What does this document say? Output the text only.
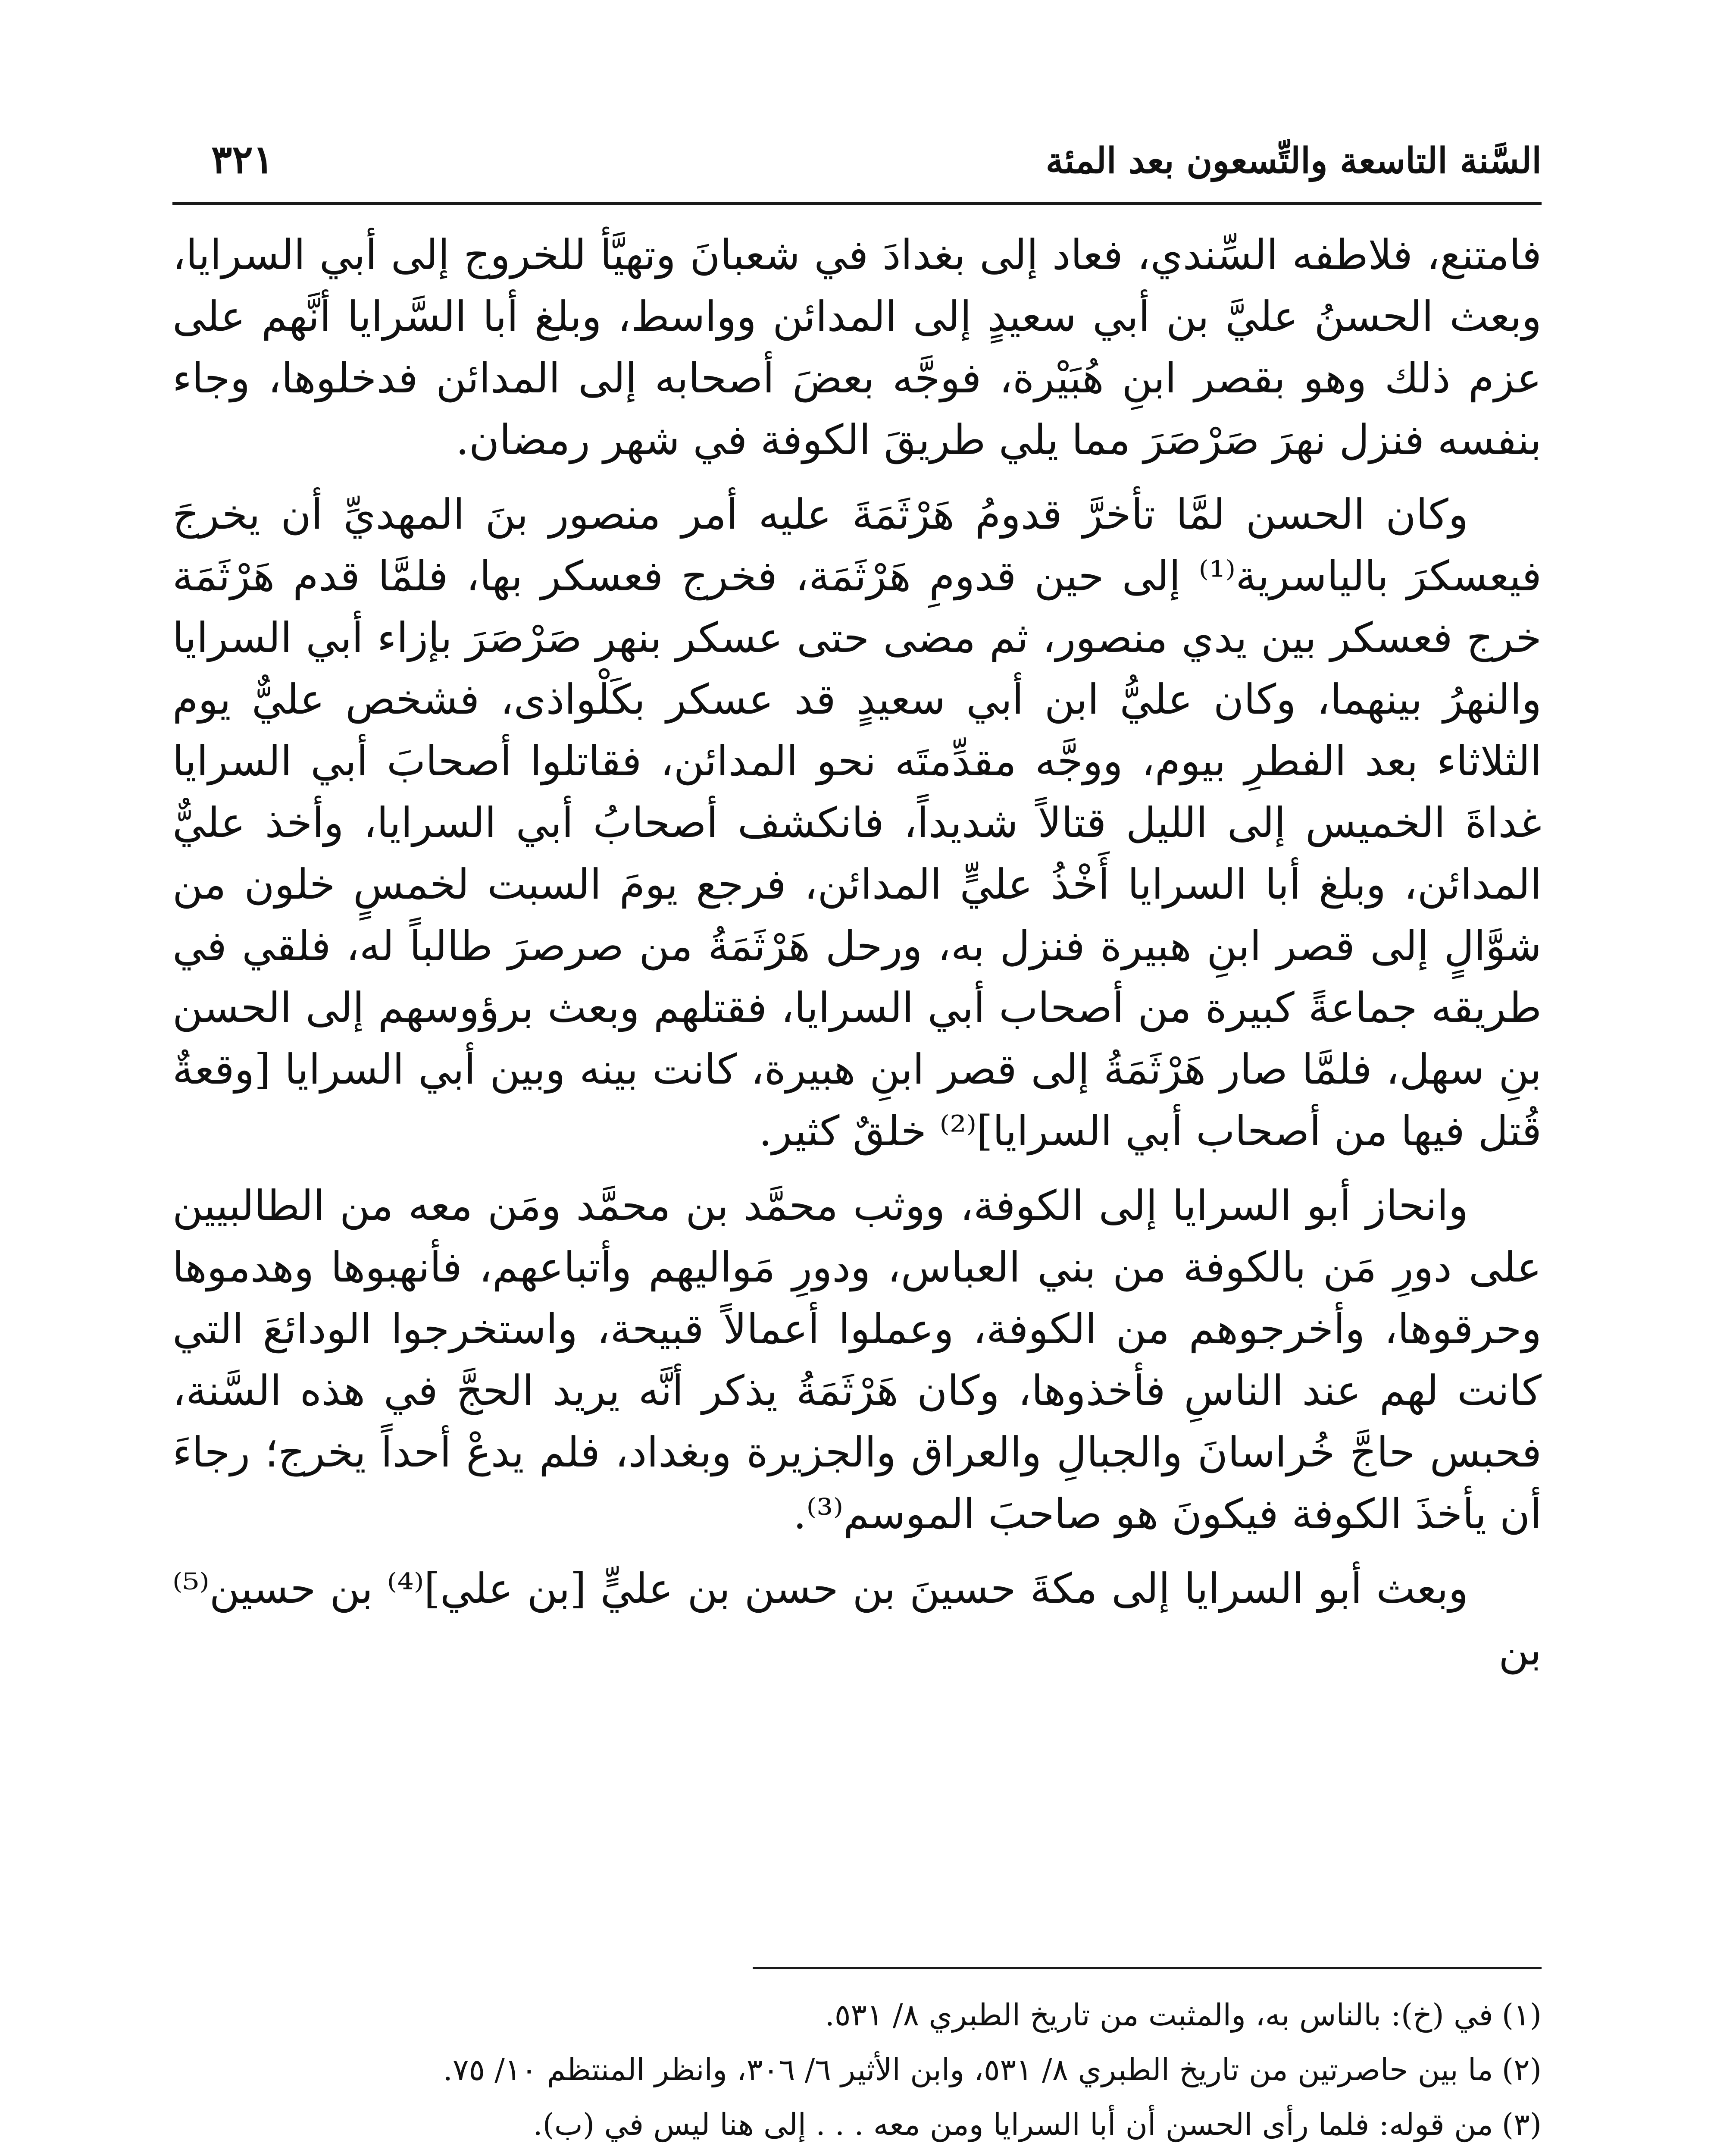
السَّنة التاسعة والتِّسعون بعد المئة
٣٢١

فامتنع، فلاطفه السِّندي، فعاد إلى بغدادَ في شعبانَ وتهيَّأ للخروج إلى أبي السرايا، وبعث الحسنُ عليَّ بن أبي سعيدٍ إلى المدائن وواسط، وبلغ أبا السَّرايا أنَّهم على عزم ذلك وهو بقصر ابنِ هُبَيْرة، فوجَّه بعضَ أصحابه إلى المدائن فدخلوها، وجاء بنفسه فنزل نهرَ صَرْصَرَ مما يلي طريقَ الكوفة في شهر رمضان.

وكان الحسن لمَّا تأخرَّ قدومُ هَرْثَمَةَ عليه أمر منصور بنَ المهديِّ أن يخرجَ فيعسكرَ بالياسرية⁽¹⁾ إلى حين قدومِ هَرْثَمَة، فخرج فعسكر بها، فلمَّا قدم هَرْثَمَة خرج فعسكر بين يدي منصور، ثم مضى حتى عسكر بنهر صَرْصَرَ بإزاء أبي السرايا والنهرُ بينهما، وكان عليُّ ابن أبي سعيدٍ قد عسكر بكَلْواذى، فشخص عليٌّ يوم الثلاثاء بعد الفطرِ بيوم، ووجَّه مقدِّمتَه نحو المدائن، فقاتلوا أصحابَ أبي السرايا غداةَ الخميس إلى الليل قتالاً شديداً، فانكشف أصحابُ أبي السرايا، وأخذ عليٌّ المدائن، وبلغ أبا السرايا أَخْذُ عليٍّ المدائن، فرجع يومَ السبت لخمسٍ خلون من شوَّالٍ إلى قصر ابنِ هبيرة فنزل به، ورحل هَرْثَمَةُ من صرصرَ طالباً له، فلقي في طريقه جماعةً كبيرة من أصحاب أبي السرايا، فقتلهم وبعث برؤوسهم إلى الحسن بنِ سهل، فلمَّا صار هَرْثَمَةُ إلى قصر ابنِ هبيرة، كانت بينه وبين أبي السرايا [وقعةٌ قُتل فيها من أصحاب أبي السرايا]⁽²⁾ خلقٌ كثير.

وانحاز أبو السرايا إلى الكوفة، ووثب محمَّد بن محمَّد ومَن معه من الطالبيين على دورِ مَن بالكوفة من بني العباس، ودورِ مَواليهم وأتباعهم، فأنهبوها وهدموها وحرقوها، وأخرجوهم من الكوفة، وعملوا أعمالاً قبيحة، واستخرجوا الودائعَ التي كانت لهم عند الناسِ فأخذوها، وكان هَرْثَمَةُ يذكر أنَّه يريد الحجَّ في هذه السَّنة، فحبس حاجَّ خُراسانَ والجبالِ والعراق والجزيرة وبغداد، فلم يدعْ أحداً يخرج؛ رجاءَ أن يأخذَ الكوفة فيكونَ هو صاحبَ الموسم⁽³⁾.

وبعث أبو السرايا إلى مكةَ حسينَ بن حسن بن عليٍّ [بن علي]⁽⁴⁾ بن حسين⁽⁵⁾ بن

(١)في (خ): بالناس به، والمثبت من تاريخ الطبري ٨/ ٥٣١.

(٢)ما بين حاصرتين من تاريخ الطبري ٨/ ٥٣١، وابن الأثير ٦/ ٣٠٦، وانظر المنتظم ١٠/ ٧٥.

(٣)من قوله: فلما رأى الحسن أن أبا السرايا ومن معه . . . إلى هنا ليس في (ب).
